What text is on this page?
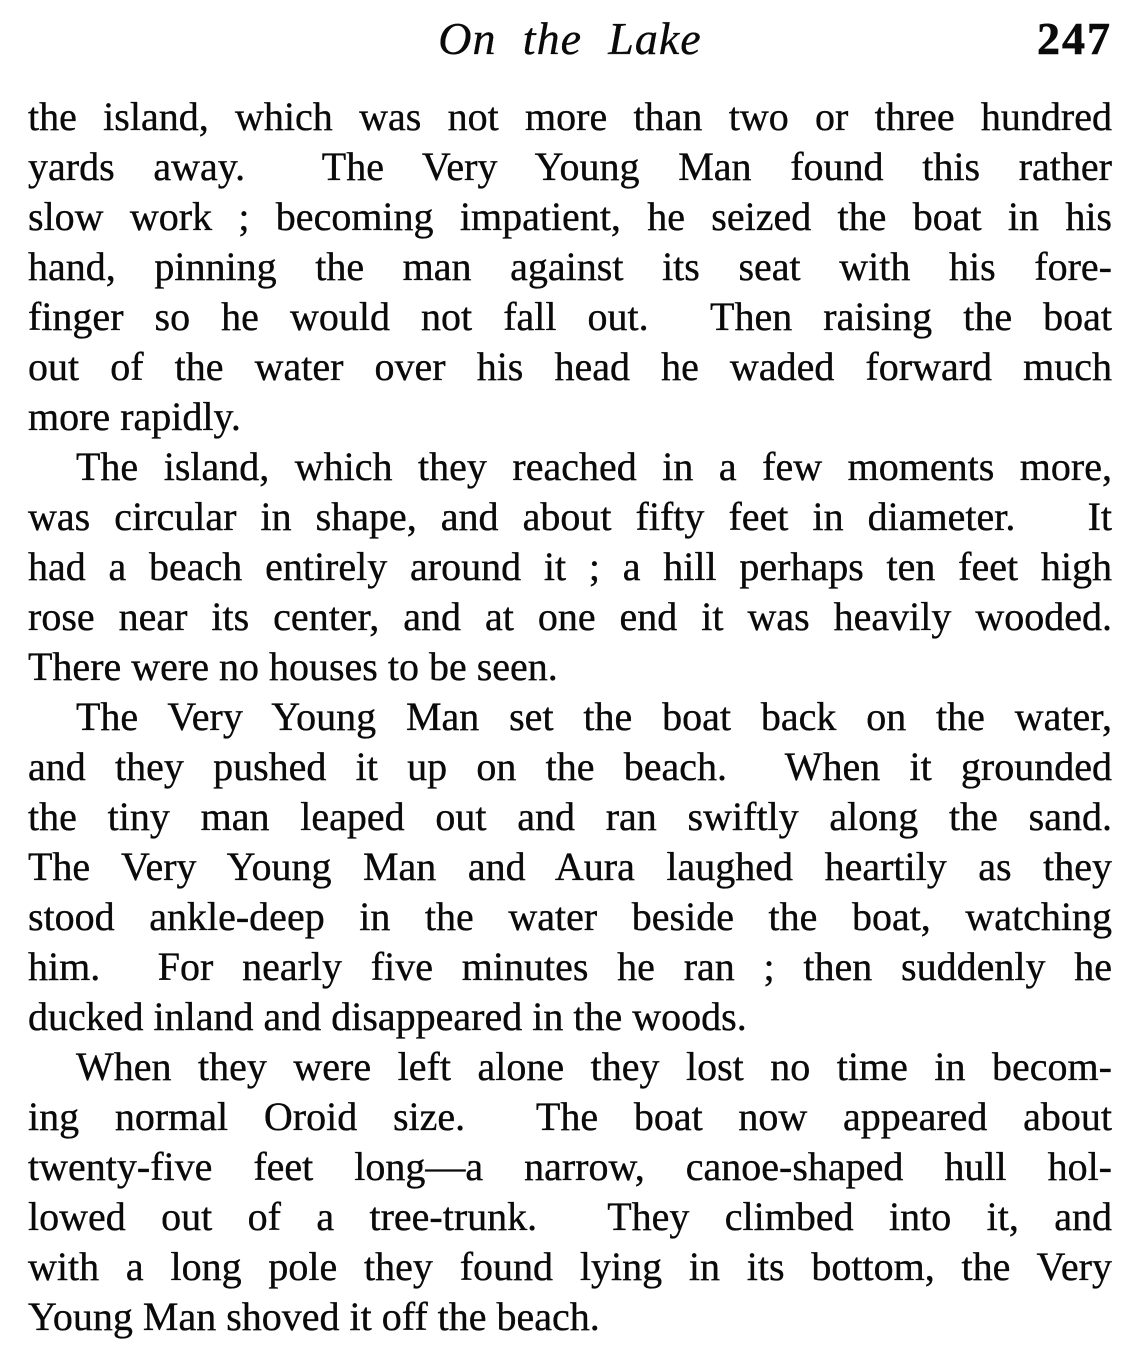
On the Lake	247
the island, which was not more than two or three hundred
yards away.  The Very Young Man found this rather
slow work ; becoming impatient, he seized the boat in his
hand, pinning the man against its seat with his fore-
finger so he would not fall out.  Then raising the boat
out of the water over his head he waded forward much
more rapidly.
The island, which they reached in a few moments more,
was circular in shape, and about fifty feet in diameter.   It
had a beach entirely around it ; a hill perhaps ten feet high
rose near its center, and at one end it was heavily wooded.
There were no houses to be seen.
The Very Young Man set the boat back on the water,
and they pushed it up on the beach.  When it grounded
the tiny man leaped out and ran swiftly along the sand.
The Very Young Man and Aura laughed heartily as they
stood ankle-deep in the water beside the boat, watching
him.  For nearly five minutes he ran ; then suddenly he
ducked inland and disappeared in the woods.
When they were left alone they lost no time in becom-
ing normal Oroid size.  The boat now appeared about
twenty-five feet long—a narrow, canoe-shaped hull hol-
lowed out of a tree-trunk.  They climbed into it, and
with a long pole they found lying in its bottom, the Very
Young Man shoved it off the beach.
